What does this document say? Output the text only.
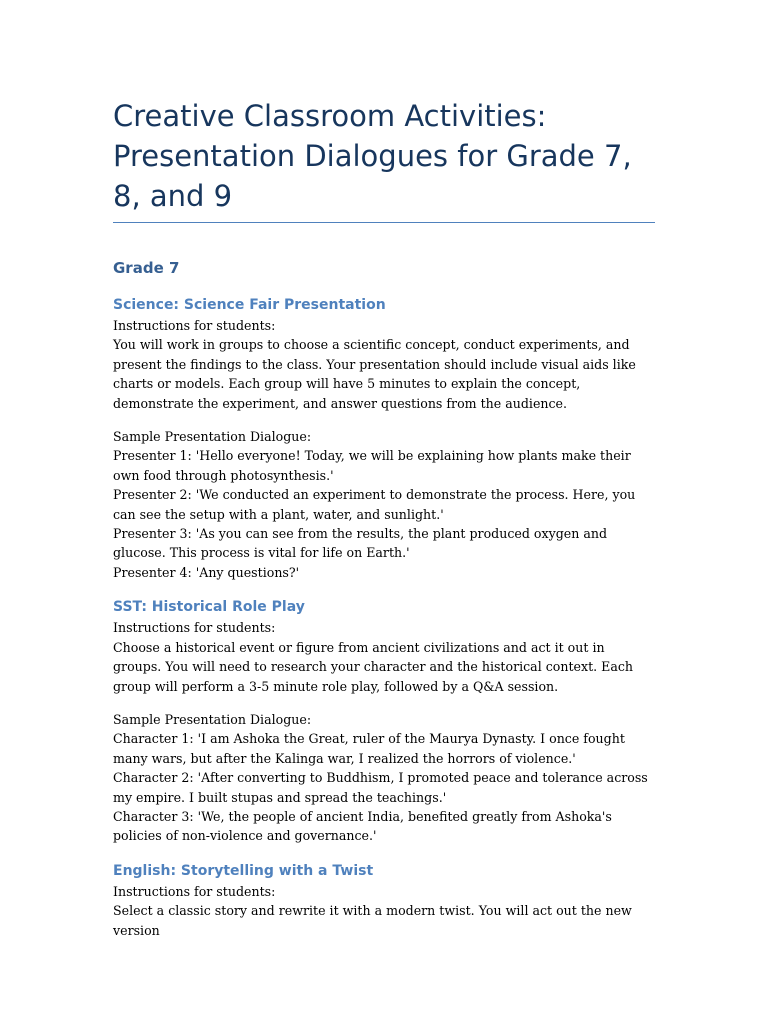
Creative Classroom Activities: Presentation Dialogues for Grade 7, 8, and 9
Grade 7
Science: Science Fair Presentation

Instructions for students:
You will work in groups to choose a scientific concept, conduct experiments, and present the findings to the class. Your presentation should include visual aids like charts or models. Each group will have 5 minutes to explain the concept, demonstrate the experiment, and answer questions from the audience.

Sample Presentation Dialogue:
Presenter 1: 'Hello everyone! Today, we will be explaining how plants make their own food through photosynthesis.'
Presenter 2: 'We conducted an experiment to demonstrate the process. Here, you can see the setup with a plant, water, and sunlight.'
Presenter 3: 'As you can see from the results, the plant produced oxygen and glucose. This process is vital for life on Earth.'
Presenter 4: 'Any questions?'

SST: Historical Role Play

Instructions for students:
Choose a historical event or figure from ancient civilizations and act it out in groups. You will need to research your character and the historical context. Each group will perform a 3-5 minute role play, followed by a Q&A session.

Sample Presentation Dialogue:
Character 1: 'I am Ashoka the Great, ruler of the Maurya Dynasty. I once fought many wars, but after the Kalinga war, I realized the horrors of violence.'
Character 2: 'After converting to Buddhism, I promoted peace and tolerance across my empire. I built stupas and spread the teachings.'
Character 3: 'We, the people of ancient India, benefited greatly from Ashoka's policies of non-violence and governance.'

English: Storytelling with a Twist

Instructions for students:
Select a classic story and rewrite it with a modern twist. You will act out the new version
